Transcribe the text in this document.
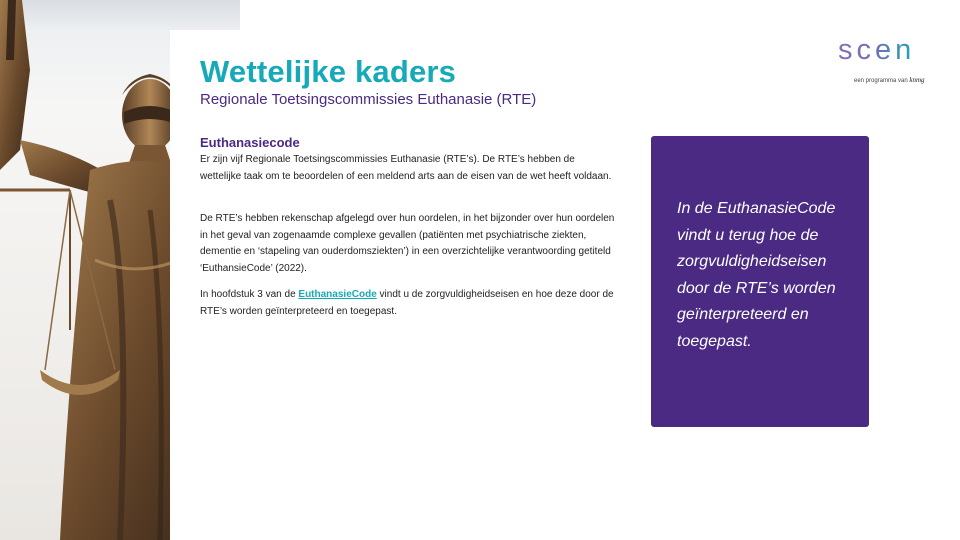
Wettelijke kaders
Regionale Toetsingscommissies Euthanasie (RTE)
scen
een programma van knmg
Euthanasiecode

Er zijn vijf Regionale Toetsingscommissies Euthanasie (RTE’s). De RTE’s hebben de wettelijke taak om te beoordelen of een meldend arts aan de eisen van de wet heeft voldaan.

De RTE’s hebben rekenschap afgelegd over hun oordelen, in het bijzonder over hun oordelen in het geval van zogenaamde complexe gevallen (patiënten met psychiatrische ziekten, dementie en ‘stapeling van ouderdomsziekten’) in een overzichtelijke verantwoording getiteld ‘EuthansieCode’ (2022).

In hoofdstuk 3 van de EuthanasieCode vindt u de zorgvuldigheidseisen en hoe deze door de RTE’s worden geïnterpreteerd en toegepast.

In de EuthanasieCode vindt u terug hoe de zorgvuldigheidseisen door de RTE’s worden geïnterpreteerd en toegepast.
